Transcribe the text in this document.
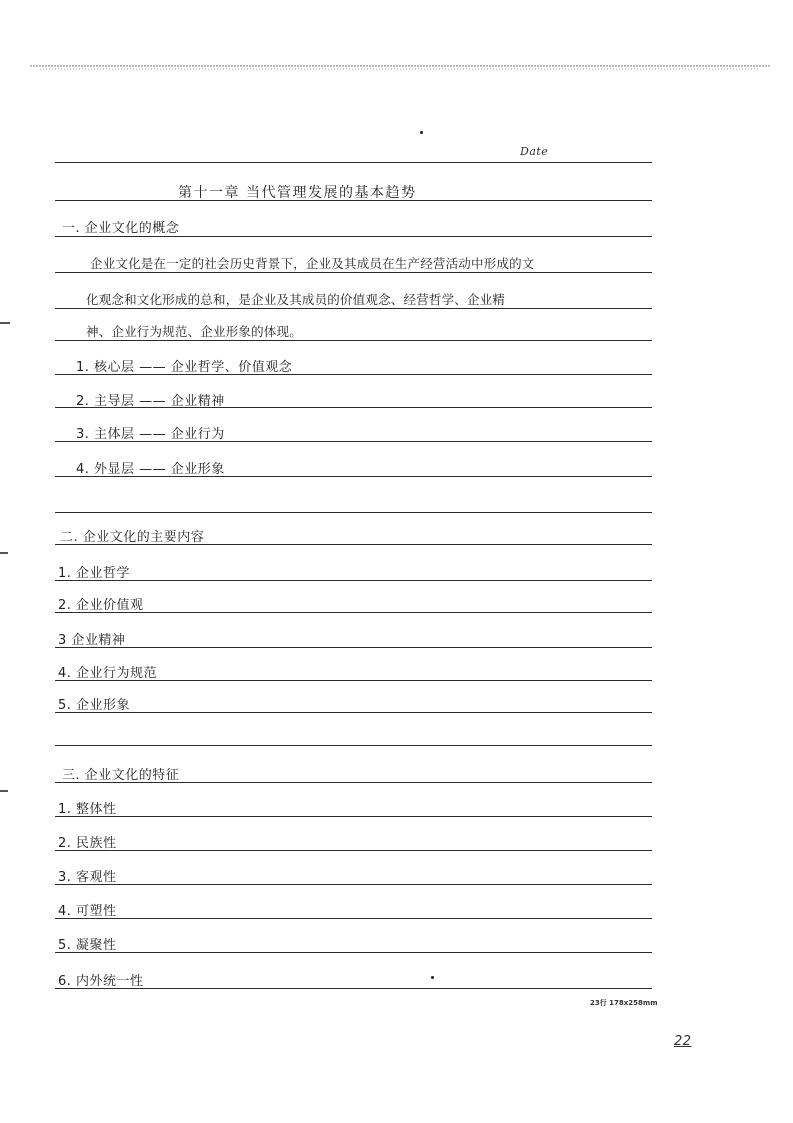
Date
第十一章 当代管理发展的基本趋势
一. 企业文化的概念
企业文化是在一定的社会历史背景下，企业及其成员在生产经营活动中形成的文
化观念和文化形成的总和，是企业及其成员的价值观念、经营哲学、企业精
神、企业行为规范、企业形象的体现。
1. 核心层 —— 企业哲学、价值观念
2. 主导层 —— 企业精神
3. 主体层 —— 企业行为
4. 外显层 —— 企业形象
二. 企业文化的主要内容
1. 企业哲学
2. 企业价值观
3 企业精神
4. 企业行为规范
5. 企业形象
三. 企业文化的特征
1. 整体性
2. 民族性
3. 客观性
4. 可塑性
5. 凝聚性
6. 内外统一性
23行 178x258mm
22
